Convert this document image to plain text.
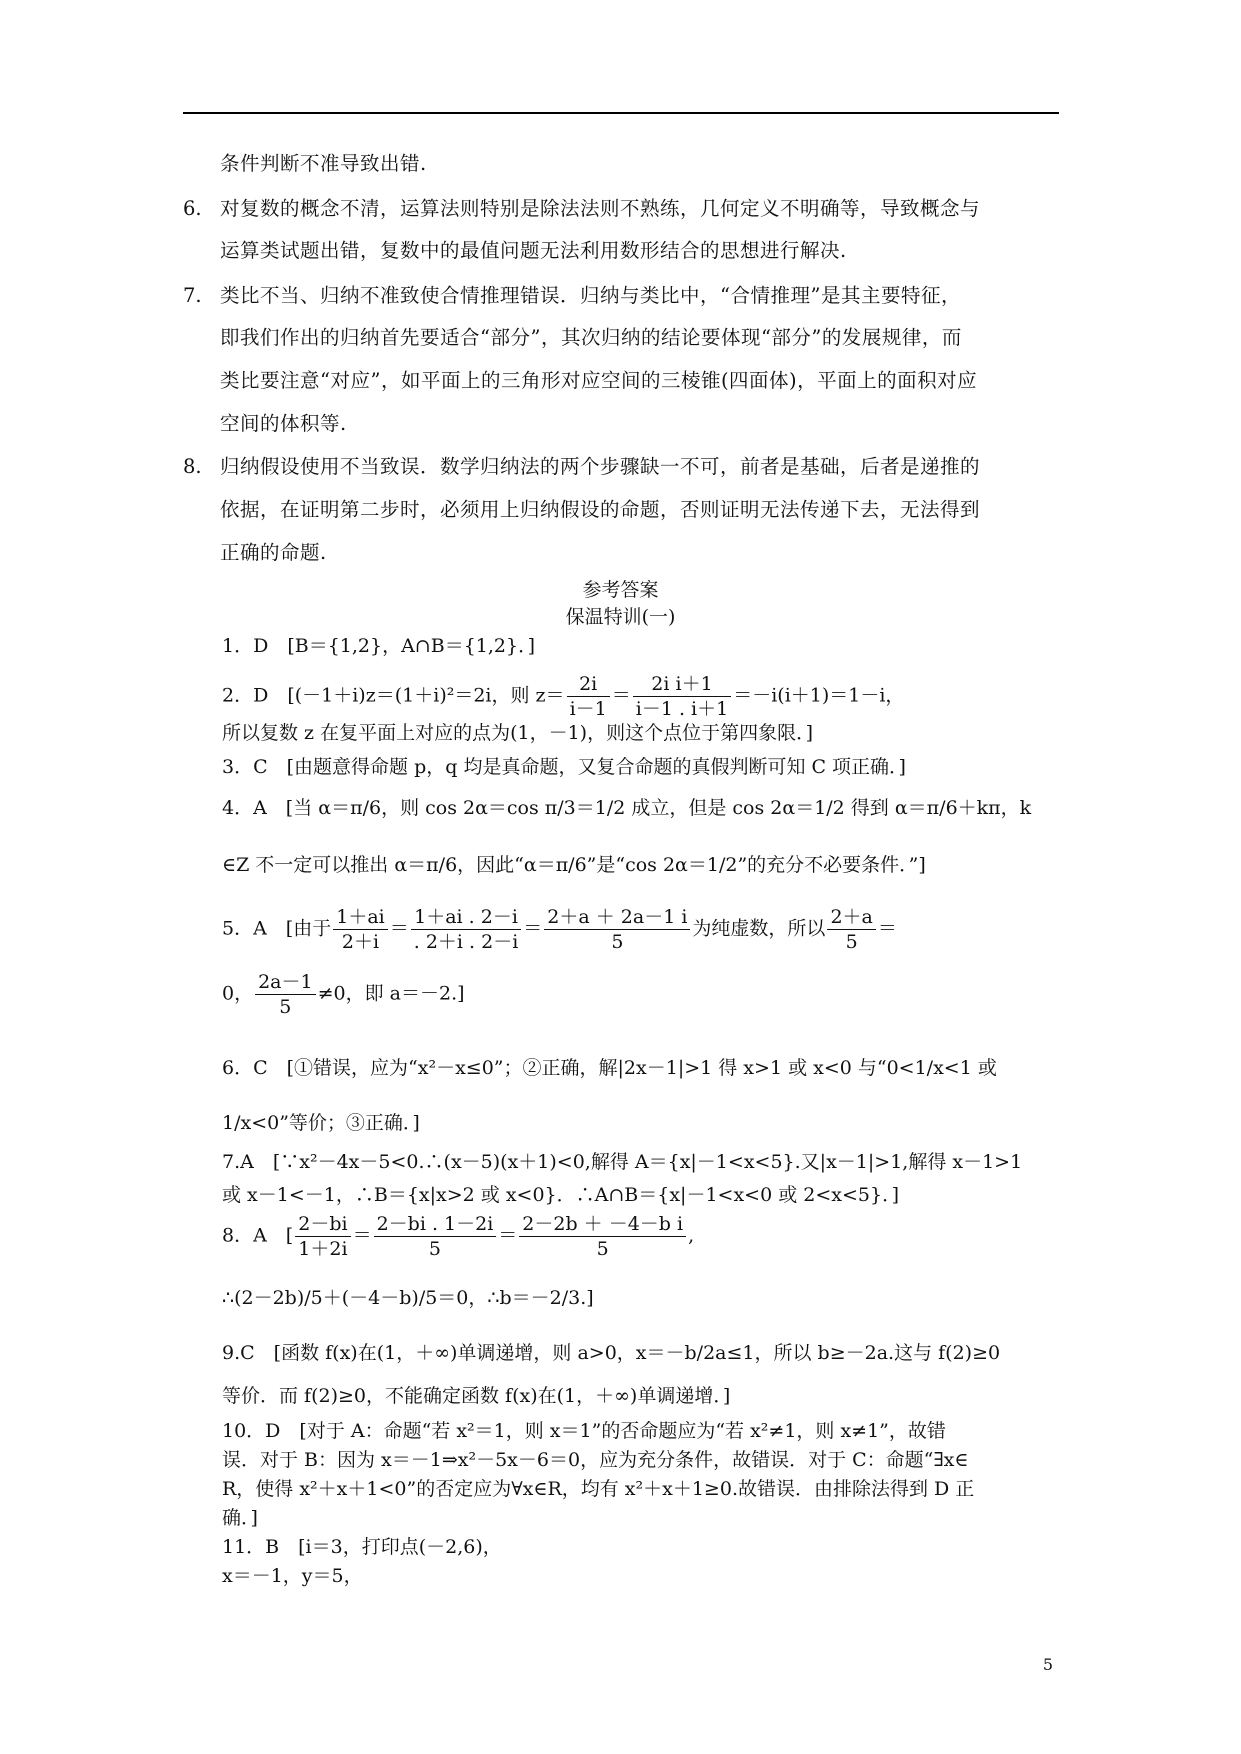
条件判断不准导致出错.
6. 对复数的概念不清，运算法则特别是除法法则不熟练，几何定义不明确等，导致概念与
运算类试题出错，复数中的最值问题无法利用数形结合的思想进行解决.
7. 类比不当、归纳不准致使合情推理错误．归纳与类比中，“合情推理”是其主要特征，
即我们作出的归纳首先要适合“部分”，其次归纳的结论要体现“部分”的发展规律，而
类比要注意“对应”，如平面上的三角形对应空间的三棱锥(四面体)，平面上的面积对应
空间的体积等.
8. 归纳假设使用不当致误．数学归纳法的两个步骤缺一不可，前者是基础，后者是递推的
依据，在证明第二步时，必须用上归纳假设的命题，否则证明无法传递下去，无法得到
正确的命题.
参考答案
保温特训(一)
1．D　[B＝{1,2}，A∩B＝{1,2}．]
2．D　[(－1＋i)z＝(1＋i)²＝2i，则 $z= \frac{2i}{i-1} = \frac{\text{2i i＋1}}{i-1 . i+1} =-i(i+1)=1-i$，
所以复数 z 在复平面上对应的点为(1，－1)，则这个点位于第四象限．]
3．C　[由题意得命题 p，q 均是真命题，又复合命题的真假判断可知 C 项正确．]
4．A　[当 α＝π/6，则 cos 2α＝cos π/3＝1/2 成立，但是 cos 2α＝1/2 得到 α＝π/6＋kπ，k
∈Z 不一定可以推出 α＝π/6，因此“α＝π/6”是“cos 2α＝1/2”的充分不必要条件．”]
5．A　[由于 $\frac{1+ai}{2+i} = \frac{1+ai . 2-i}{. 2+i . 2-i} = \frac{2+a + 2a-1 i}{5}$ 为纯虚数，所以 $\frac{2+a}{5}$ ＝
0， $\frac{2a-1}{5} \ne 0$，即 a＝－2.]
6．C　[①错误，应为“x²－x≤0”；②正确，解|2x－1|>1 得 x>1 或 x<0 与“0<1/x<1 或
1/x<0”等价；③正确．]
7.A　[∵x²－4x－5<0.∴(x－5)(x＋1)<0,解得 A＝{x|－1<x<5}.又|x－1|>1,解得 x－1>1
或 x－1<－1，∴B＝{x|x>2 或 x<0}．∴A∩B＝{x|－1<x<0 或 2<x<5}．]
8．A　[ $\frac{2-bi}{1+2i} = \frac{2-bi . 1-2i}{5} = \frac{\text{2－2b ＋ －4－b i}}{5}$ ,
∴(2－2b)/5＋(－4－b)/5＝0，∴b＝－2/3.]
9.C　[函数 f(x)在(1，＋∞)单调递增，则 a>0，x＝－b/2a≤1，所以 b≥－2a.这与 f(2)≥0
等价．而 f(2)≥0，不能确定函数 f(x)在(1，＋∞)单调递增．]
10．D　[对于 A：命题“若 x²＝1，则 x＝1”的否命题应为“若 x²≠1，则 x≠1”，故错
误．对于 B：因为 x＝－1⇒x²－5x－6＝0，应为充分条件，故错误．对于 C：命题“∃x∈
R，使得 x²＋x＋1<0”的否定应为∀x∈R，均有 x²＋x＋1≥0.故错误．由排除法得到 D 正
确．]
11．B　[i＝3，打印点(－2,6)，
x＝－1，y＝5，
5
